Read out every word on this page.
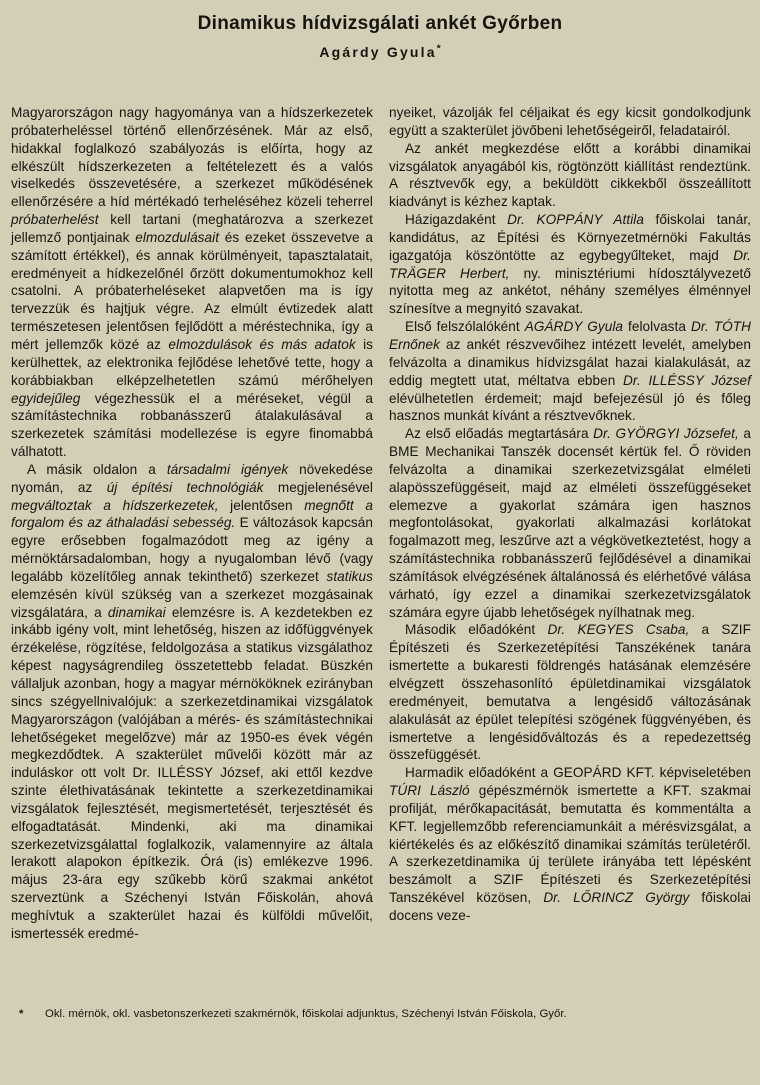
Dinamikus hídvizsgálati ankét Győrben
Agárdy Gyula*

Magyarországon nagy hagyománya van a hídszerkezetek próbaterheléssel történő ellenőrzésének. Már az első, hidakkal foglalkozó szabályozás is előírta, hogy az elkészült hídszerkezeten a feltételezett és a valós viselkedés összevetésére, a szerkezet működésének ellenőrzésére a híd mértékadó terheléséhez közeli teherrel próbaterhelést kell tartani (meghatározva a szerkezet jellemző pontjainak elmozdulásait és ezeket összevetve a számított értékkel), és annak körülményeit, tapasztalatait, eredményeit a hídkezelőnél őrzött dokumentumokhoz kell csatolni. A próbaterheléseket alapvetően ma is így tervezzük és hajtjuk végre. Az elmúlt évtizedek alatt természetesen jelentősen fejlődött a méréstechnika, így a mért jellemzők közé az elmozdulások és más adatok is kerülhettek, az elektronika fejlődése lehetővé tette, hogy a korábbiakban elképzelhetetlen számú mérőhelyen egyidejűleg végezhessük el a méréseket, végül a számítástechnika robbanásszerű átalakulásával a szerkezetek számítási modellezése is egyre finomabbá válhatott.

A másik oldalon a társadalmi igények növekedése nyomán, az új építési technológiák megjelenésével megváltoztak a hídszerkezetek, jelentősen megnőtt a forgalom és az áthaladási sebesség. E változások kapcsán egyre erősebben fogalmazódott meg az igény a mérnöktársadalomban, hogy a nyugalomban lévő (vagy legalább közelítőleg annak tekinthető) szerkezet statikus elemzésén kívül szükség van a szerkezet mozgásainak vizsgálatára, a dinamikai elemzésre is. A kezdetekben ez inkább igény volt, mint lehetőség, hiszen az időfüggvények érzékelése, rögzítése, feldolgozása a statikus vizsgálathoz képest nagyságrendileg összetettebb feladat. Büszkén vállaljuk azonban, hogy a magyar mérnököknek ezirányban sincs szégyellnivalójuk: a szerkezetdinamikai vizsgálatok Magyarországon (valójában a mérés- és számítástechnikai lehetőségeket megelőzve) már az 1950-es évek végén megkezdődtek. A szakterület művelői között már az induláskor ott volt Dr. ILLÉSSY József, aki ettől kezdve szinte élethivatásának tekintette a szerkezetdinamikai vizsgálatok fejlesztését, megismertetését, terjesztését és elfogadtatását. Mindenki, aki ma dinamikai szerkezetvizsgálattal foglalkozik, valamennyire az általa lerakott alapokon építkezik. Órá (is) emlékezve 1996. május 23-ára egy szűkebb körű szakmai ankétot szerveztünk a Széchenyi István Főiskolán, ahová meghívtuk a szakterület hazai és külföldi művelőit, ismertessék eredmé-

nyeiket, vázolják fel céljaikat és egy kicsit gondolkodjunk együtt a szakterület jövőbeni lehetőségeiről, feladatairól.

Az ankét megkezdése előtt a korábbi dinamikai vizsgálatok anyagából kis, rögtönzött kiállítást rendeztünk. A résztvevők egy, a beküldött cikkekből összeállított kiadványt is kézhez kaptak.

Házigazdaként Dr. KOPPÁNY Attila főiskolai tanár, kandidátus, az Építési és Környezetmérnöki Fakultás igazgatója köszöntötte az egybegyűlteket, majd Dr. TRÄGER Herbert, ny. minisztériumi hídosztályvezető nyitotta meg az ankétot, néhány személyes élménnyel színesítve a megnyitó szavakat.

Első felszólalóként AGÁRDY Gyula felolvasta Dr. TÓTH Ernőnek az ankét részvevőihez intézett levelét, amelyben felvázolta a dinamikus hídvizsgálat hazai kialakulását, az eddig megtett utat, méltatva ebben Dr. ILLÉSSY József elévülhetetlen érdemeit; majd befejezésül jó és főleg hasznos munkát kívánt a résztvevőknek.

Az első előadás megtartására Dr. GYÖRGYI Józsefet, a BME Mechanikai Tanszék docensét kértük fel. Ő röviden felvázolta a dinamikai szerkezetvizsgálat elméleti alapösszefüggéseit, majd az elméleti összefüggéseket elemezve a gyakorlat számára igen hasznos megfontolásokat, gyakorlati alkalmazási korlátokat fogalmazott meg, leszűrve azt a végkövetkeztetést, hogy a számítástechnika robbanásszerű fejlődésével a dinamikai számítások elvégzésének általánossá és elérhetővé válása várható, így ezzel a dinamikai szerkezetvizsgálatok számára egyre újabb lehetőségek nyílhatnak meg.

Második előadóként Dr. KEGYES Csaba, a SZIF Építészeti és Szerkezetépítési Tanszékének tanára ismertette a bukaresti földrengés hatásának elemzésére elvégzett összehasonlító épületdinamikai vizsgálatok eredményeit, bemutatva a lengésidő változásának alakulását az épület telepítési szögének függvényében, és ismertetve a lengésidőváltozás és a repedezettség összefüggését.

Harmadik előadóként a GEOPÁRD KFT. képviseletében TÚRI László gépészmérnök ismertette a KFT. szakmai profilját, mérőkapacitását, bemutatta és kommentálta a KFT. legjellemzőbb referenciamunkáit a mérésvizsgálat, a kiértékelés és az előkészítő dinamikai számítás területéről. A szerkezetdinamika új területe irányába tett lépésként beszámolt a SZIF Építészeti és Szerkezetépítési Tanszékével közösen, Dr. LŐRINCZ György főiskolai docens veze-

*	Okl. mérnök, okl. vasbetonszerkezeti szakmérnök, főiskolai adjunktus, Széchenyi István Főiskola, Győr.
